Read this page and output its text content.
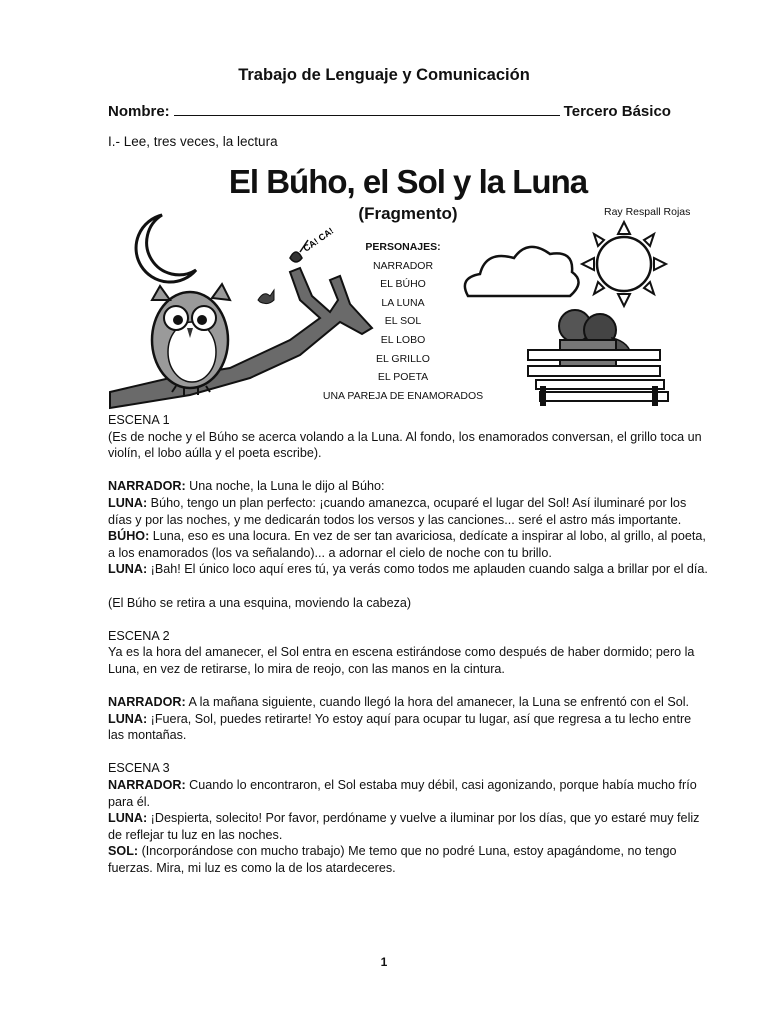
Trabajo de Lenguaje y Comunicación
Nombre:	Tercero Básico
I.- Lee, tres veces, la lectura
CA! CA!
El Búho, el Sol y la Luna
(Fragmento)	Ray Respall Rojas
PERSONAJES:
NARRADOR
EL BÚHO
LA LUNA
EL SOL
EL LOBO
EL GRILLO
EL POETA
UNA PAREJA DE ENAMORADOS

ESCENA 1

(Es de noche y el Búho se acerca volando a la Luna. Al fondo, los enamorados conversan, el grillo toca un violín, el lobo aúlla y el poeta escribe).

NARRADOR: Una noche, la Luna le dijo al Búho:

LUNA: Búho, tengo un plan perfecto: ¡cuando amanezca, ocuparé el lugar del Sol! Así iluminaré por los días y por las noches, y me dedicarán todos los versos y las canciones... seré el astro más importante.

BÚHO: Luna, eso es una locura. En vez de ser tan avariciosa, dedícate a inspirar al lobo, al grillo, al poeta, a los enamorados (los va señalando)... a adornar el cielo de noche con tu brillo.

LUNA: ¡Bah! El único loco aquí eres tú, ya verás como todos me aplauden cuando salga a brillar por el día.

(El Búho se retira a una esquina, moviendo la cabeza)

ESCENA 2

Ya es la hora del amanecer, el Sol entra en escena estirándose como después de haber dormido; pero la Luna, en vez de retirarse, lo mira de reojo, con las manos en la cintura.

NARRADOR: A la mañana siguiente, cuando llegó la hora del amanecer, la Luna se enfrentó con el Sol.

LUNA: ¡Fuera, Sol, puedes retirarte! Yo estoy aquí para ocupar tu lugar, así que regresa a tu lecho entre las montañas.

ESCENA 3

NARRADOR: Cuando lo encontraron, el Sol estaba muy débil, casi agonizando, porque había mucho frío para él.

LUNA: ¡Despierta, solecito! Por favor, perdóname y vuelve a iluminar por los días, que yo estaré muy feliz de reflejar tu luz en las noches.

SOL: (Incorporándose con mucho trabajo) Me temo que no podré Luna, estoy apagándome, no tengo fuerzas. Mira, mi luz es como la de los atardeceres.

1
